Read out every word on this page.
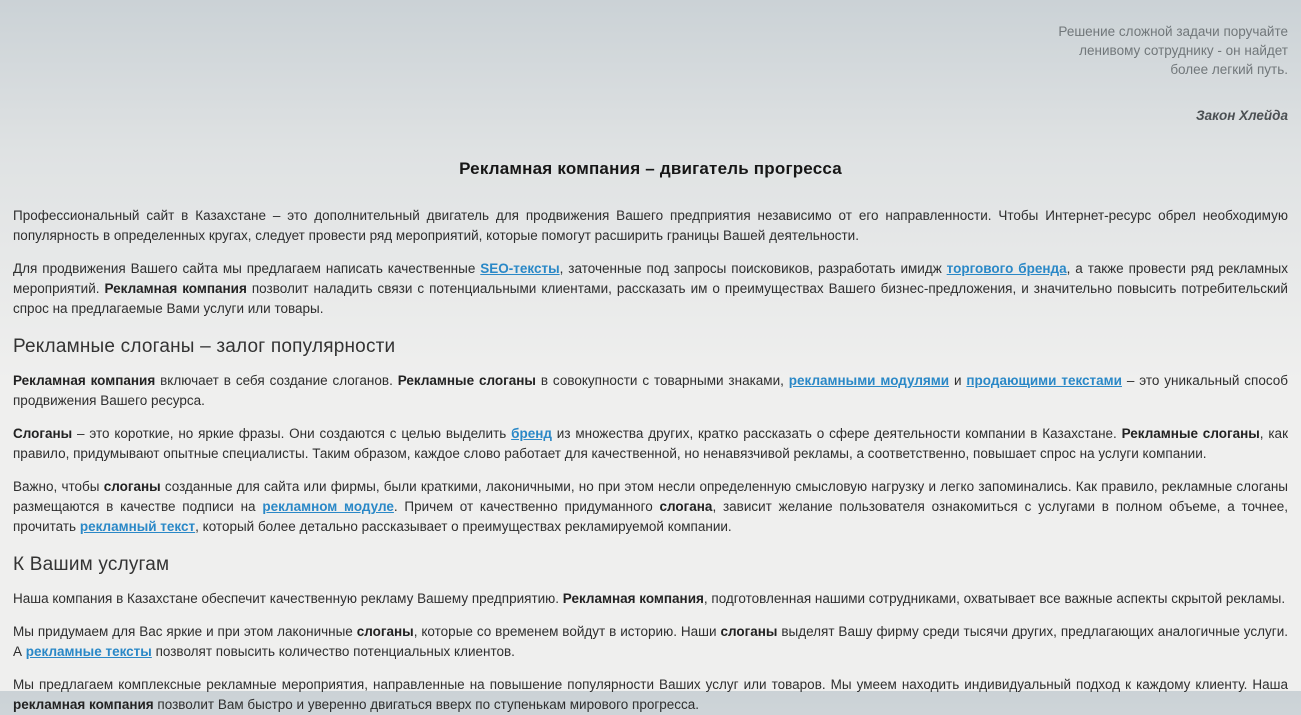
Решение сложной задачи поручайте
ленивому сотруднику - он найдет
более легкий путь.
Закон Хлейда
Рекламная компания – двигатель прогресса

Профессиональный сайт в Казахстане – это дополнительный двигатель для продвижения Вашего предприятия независимо от его направленности. Чтобы Интернет-ресурс обрел необходимую популярность в определенных кругах, следует провести ряд мероприятий, которые помогут расширить границы Вашей деятельности.

Для продвижения Вашего сайта мы предлагаем написать качественные SEO-тексты, заточенные под запросы поисковиков, разработать имидж торгового бренда, а также провести ряд рекламных мероприятий. Рекламная компания позволит наладить связи с потенциальными клиентами, рассказать им о преимуществах Вашего бизнес-предложения, и значительно повысить потребительский спрос на предлагаемые Вами услуги или товары.

Рекламные слоганы – залог популярности

Рекламная компания включает в себя создание слоганов. Рекламные слоганы в совокупности с товарными знаками, рекламными модулями и продающими текстами – это уникальный способ продвижения Вашего ресурса.

Слоганы – это короткие, но яркие фразы. Они создаются с целью выделить бренд из множества других, кратко рассказать о сфере деятельности компании в Казахстане. Рекламные слоганы, как правило, придумывают опытные специалисты. Таким образом, каждое слово работает для качественной, но ненавязчивой рекламы, а соответственно, повышает спрос на услуги компании.

Важно, чтобы слоганы созданные для сайта или фирмы, были краткими, лаконичными, но при этом несли определенную смысловую нагрузку и легко запоминались. Как правило, рекламные слоганы размещаются в качестве подписи на рекламном модуле. Причем от качественно придуманного слогана, зависит желание пользователя ознакомиться с услугами в полном объеме, а точнее, прочитать рекламный текст, который более детально рассказывает о преимуществах рекламируемой компании.

К Вашим услугам

Наша компания в Казахстане обеспечит качественную рекламу Вашему предприятию. Рекламная компания, подготовленная нашими сотрудниками, охватывает все важные аспекты скрытой рекламы.

Мы придумаем для Вас яркие и при этом лаконичные слоганы, которые со временем войдут в историю. Наши слоганы выделят Вашу фирму среди тысячи других, предлагающих аналогичные услуги. А рекламные тексты позволят повысить количество потенциальных клиентов.

Мы предлагаем комплексные рекламные мероприятия, направленные на повышение популярности Ваших услуг или товаров. Мы умеем находить индивидуальный подход к каждому клиенту. Наша рекламная компания позволит Вам быстро и уверенно двигаться вверх по ступенькам мирового прогресса.
